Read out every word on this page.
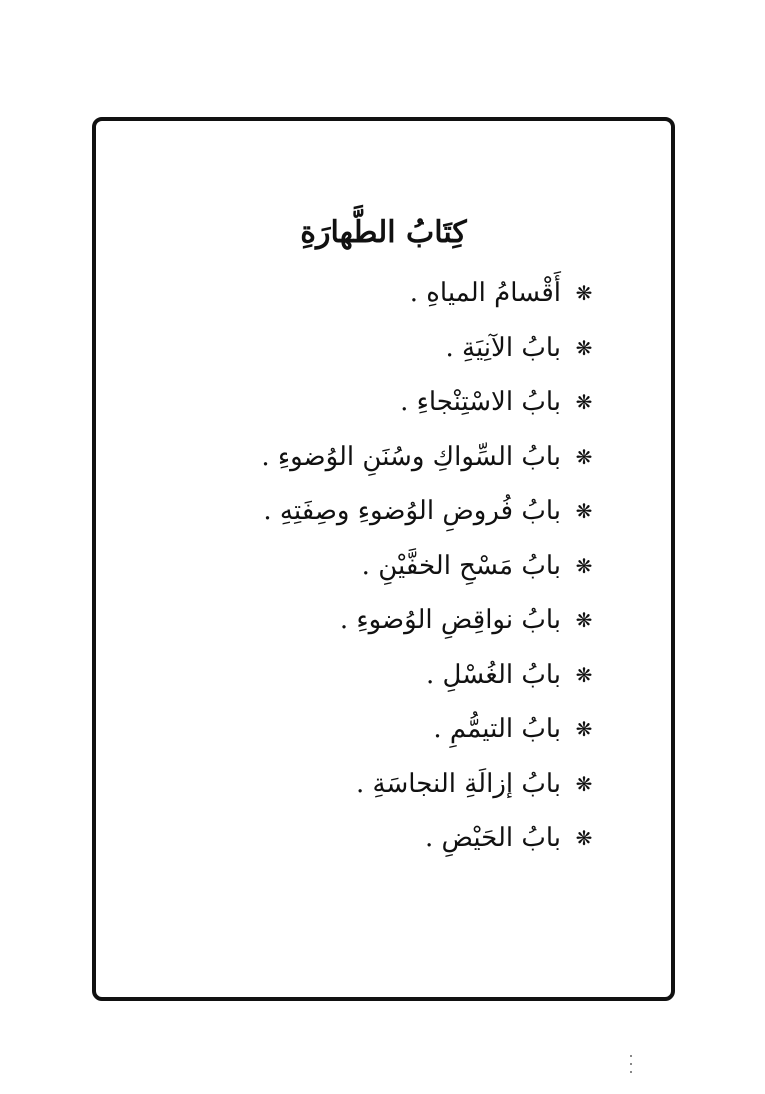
كِتَابُ الطَّهارَةِ
❋
أَقْسامُ المياهِ .
❋
بابُ الآنِيَةِ .
❋
بابُ الاسْتِنْجاءِ .
❋
بابُ السِّواكِ وسُنَنِ الوُضوءِ .
❋
بابُ فُروضِ الوُضوءِ وصِفَتِهِ .
❋
بابُ مَسْحِ الخفَّيْنِ .
❋
بابُ نواقِضِ الوُضوءِ .
❋
بابُ الغُسْلِ .
❋
بابُ التيمُّمِ .
❋
بابُ إزالَةِ النجاسَةِ .
❋
بابُ الحَيْضِ .
